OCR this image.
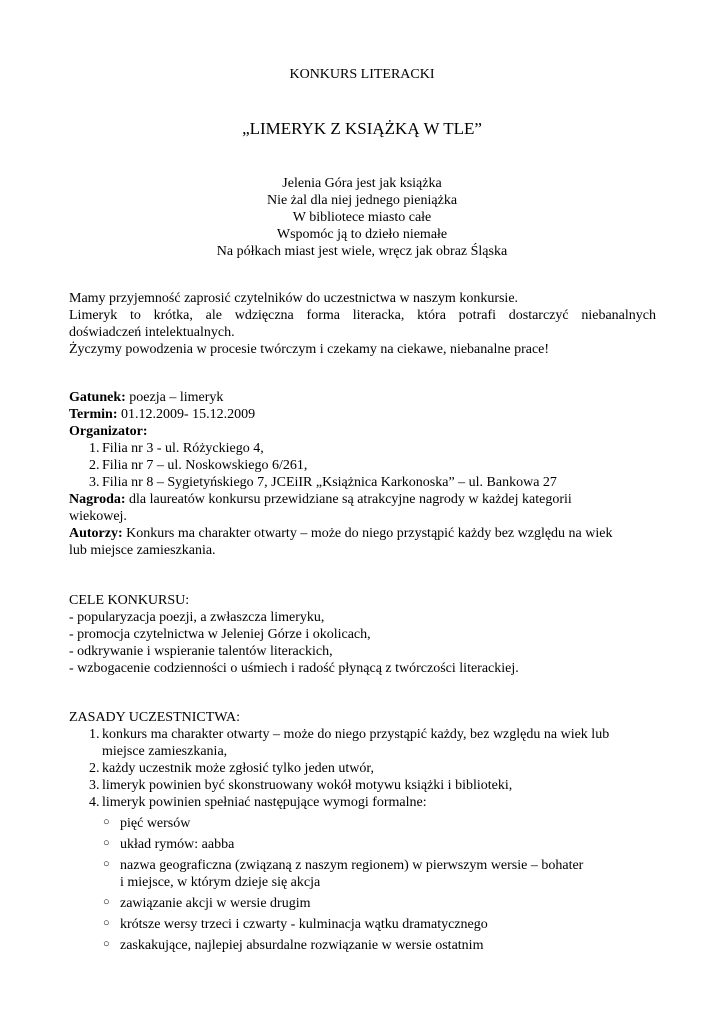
KONKURS LITERACKI
„LIMERYK Z KSIĄŻKĄ W TLE”
Jelenia Góra jest jak książka
Nie żal dla niej jednego pieniążka
W bibliotece miasto całe
Wspomóc ją to dzieło niemałe
Na półkach miast jest wiele, wręcz jak obraz Śląska
Mamy przyjemność zaprosić czytelników do uczestnictwa w naszym konkursie.
Limeryk to krótka, ale wdzięczna forma literacka, która potrafi dostarczyć niebanalnych
doświadczeń intelektualnych.
Życzymy powodzenia w procesie twórczym i czekamy na ciekawe, niebanalne prace!
Gatunek: poezja – limeryk
Termin: 01.12.2009- 15.12.2009
Organizator:
1. Filia nr 3 - ul. Różyckiego 4,
2. Filia nr 7 – ul. Noskowskiego 6/261,
3. Filia nr 8 – Sygietyńskiego 7, JCEiIR „Książnica Karkonoska” – ul. Bankowa 27
Nagroda: dla laureatów konkursu przewidziane są atrakcyjne nagrody w każdej kategorii
wiekowej.
Autorzy: Konkurs ma charakter otwarty – może do niego przystąpić każdy bez względu na wiek
lub miejsce zamieszkania.
CELE KONKURSU:
- popularyzacja poezji, a zwłaszcza limeryku,
- promocja czytelnictwa w Jeleniej Górze i okolicach,
- odkrywanie i wspieranie talentów literackich,
- wzbogacenie codzienności o uśmiech i radość płynącą z twórczości literackiej.
ZASADY UCZESTNICTWA:
1. konkurs ma charakter otwarty – może do niego przystąpić każdy, bez względu na wiek lub
miejsce zamieszkania,
2. każdy uczestnik może zgłosić tylko jeden utwór,
3. limeryk powinien być skonstruowany wokół motywu książki i biblioteki,
4. limeryk powinien spełniać następujące wymogi formalne:
○ pięć wersów
○ układ rymów: aabba
○ nazwa geograficzna (związaną z naszym regionem) w pierwszym wersie – bohater
i miejsce, w którym dzieje się akcja
○ zawiązanie akcji w wersie drugim
○ krótsze wersy trzeci i czwarty - kulminacja wątku dramatycznego
○ zaskakujące, najlepiej absurdalne rozwiązanie w wersie ostatnim
